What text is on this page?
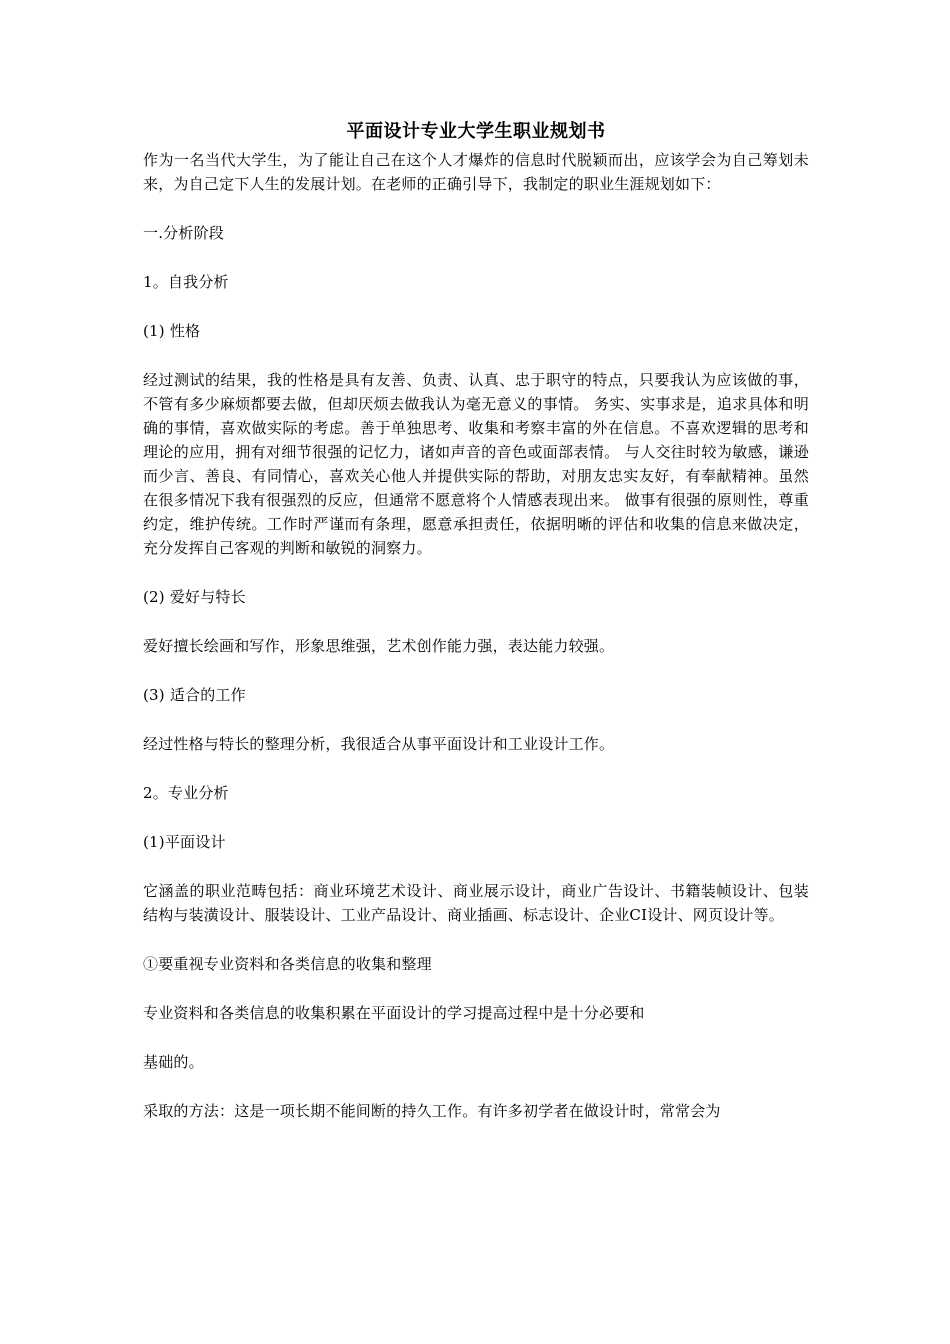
平面设计专业大学生职业规划书

作为一名当代大学生，为了能让自己在这个人才爆炸的信息时代脱颖而出，应该学会为自己筹划未来，为自己定下人生的发展计划。在老师的正确引导下，我制定的职业生涯规划如下：

一.分析阶段

1。自我分析

(1) 性格

经过测试的结果，我的性格是具有友善、负责、认真、忠于职守的特点，只要我认为应该做的事，不管有多少麻烦都要去做，但却厌烦去做我认为毫无意义的事情。 务实、实事求是，追求具体和明确的事情，喜欢做实际的考虑。善于单独思考、收集和考察丰富的外在信息。不喜欢逻辑的思考和理论的应用，拥有对细节很强的记忆力，诸如声音的音色或面部表情。 与人交往时较为敏感，谦逊而少言、善良、有同情心，喜欢关心他人并提供实际的帮助，对朋友忠实友好，有奉献精神。虽然在很多情况下我有很强烈的反应，但通常不愿意将个人情感表现出来。 做事有很强的原则性，尊重约定，维护传统。工作时严谨而有条理，愿意承担责任，依据明晰的评估和收集的信息来做决定，充分发挥自己客观的判断和敏锐的洞察力。

(2) 爱好与特长

爱好擅长绘画和写作，形象思维强，艺术创作能力强，表达能力较强。

(3) 适合的工作

经过性格与特长的整理分析，我很适合从事平面设计和工业设计工作。

2。专业分析

(1)平面设计

它涵盖的职业范畴包括：商业环境艺术设计、商业展示设计，商业广告设计、书籍装帧设计、包装结构与装潢设计、服装设计、工业产品设计、商业插画、标志设计、企业CI设计、网页设计等。

①要重视专业资料和各类信息的收集和整理

专业资料和各类信息的收集积累在平面设计的学习提高过程中是十分必要和

基础的。

采取的方法：这是一项长期不能间断的持久工作。有许多初学者在做设计时，常常会为
